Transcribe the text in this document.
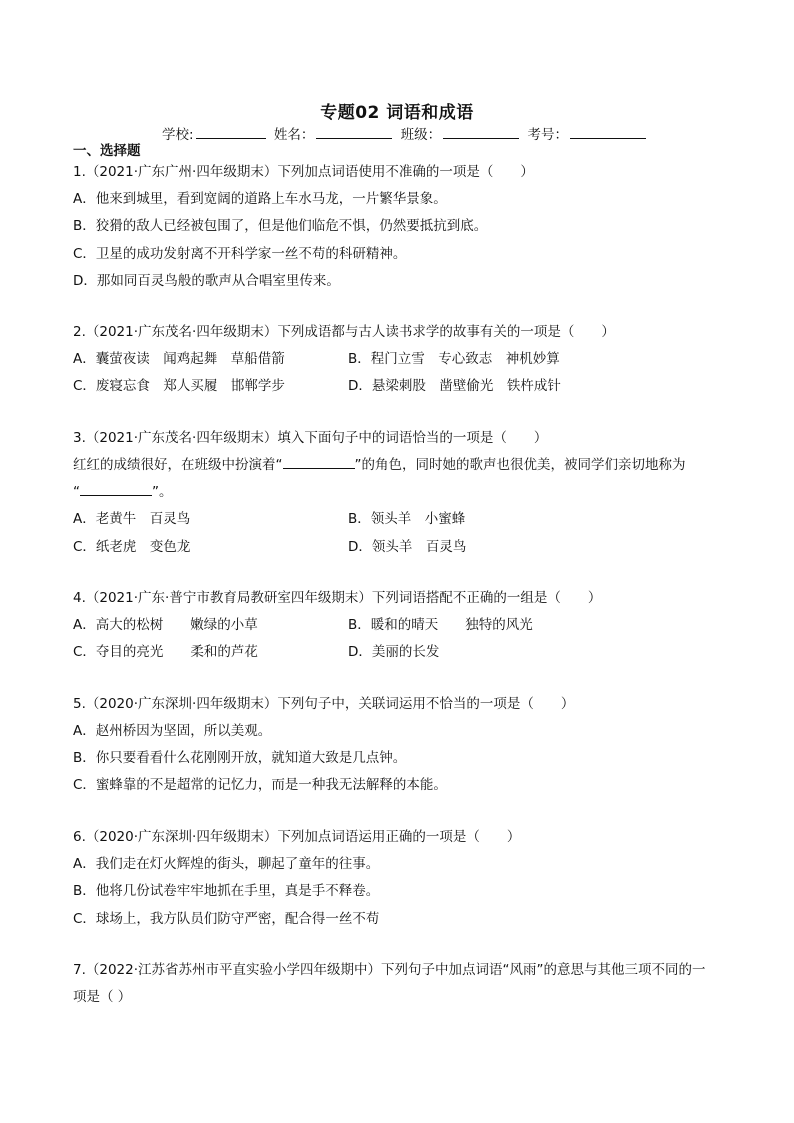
专题02 词语和成语
学校:	姓名：	班级：	考号：
一、选择题
1.（2021·广东广州·四年级期末）下列加点词语使用不准确的一项是（　　）
A．他来到城里，看到宽阔的道路上车水马龙，一片繁华景象。
B．狡猾的敌人已经被包围了，但是他们临危不惧，仍然要抵抗到底。
C．卫星的成功发射离不开科学家一丝不苟的科研精神。
D．那如同百灵鸟般的歌声从合唱室里传来。
2.（2021·广东茂名·四年级期末）下列成语都与古人读书求学的故事有关的一项是（　　）
A．囊萤夜读　闻鸡起舞　草船借箭	B．程门立雪　专心致志　神机妙算
C．废寝忘食　郑人买履　邯郸学步	D．悬梁刺股　凿壁偷光　铁杵成针
3.（2021·广东茂名·四年级期末）填入下面句子中的词语恰当的一项是（　　）
红红的成绩很好，在班级中扮演着“	”的角色，同时她的歌声也很优美，被同学们亲切地称为
“	”。
A．老黄牛　百灵鸟	B．领头羊　小蜜蜂
C．纸老虎　变色龙	D．领头羊　百灵鸟
4.（2021·广东·普宁市教育局教研室四年级期末）下列词语搭配不正确的一组是（　　）
A．高大的松树　　嫩绿的小草	B．暖和的晴天　　独特的风光
C．夺目的亮光　　柔和的芦花	D．美丽的长发
5.（2020·广东深圳·四年级期末）下列句子中，关联词运用不恰当的一项是（　　）
A．赵州桥因为坚固，所以美观。
B．你只要看看什么花刚刚开放，就知道大致是几点钟。
C．蜜蜂靠的不是超常的记忆力，而是一种我无法解释的本能。
6.（2020·广东深圳·四年级期末）下列加点词语运用正确的一项是（　　）
A．我们走在灯火辉煌的街头，聊起了童年的往事。
B．他将几份试卷牢牢地抓在手里，真是手不释卷。
C．球场上，我方队员们防守严密，配合得一丝不苟
7.（2022·江苏省苏州市平直实验小学四年级期中）下列句子中加点词语“风雨”的意思与其他三项不同的一
项是（ ）
